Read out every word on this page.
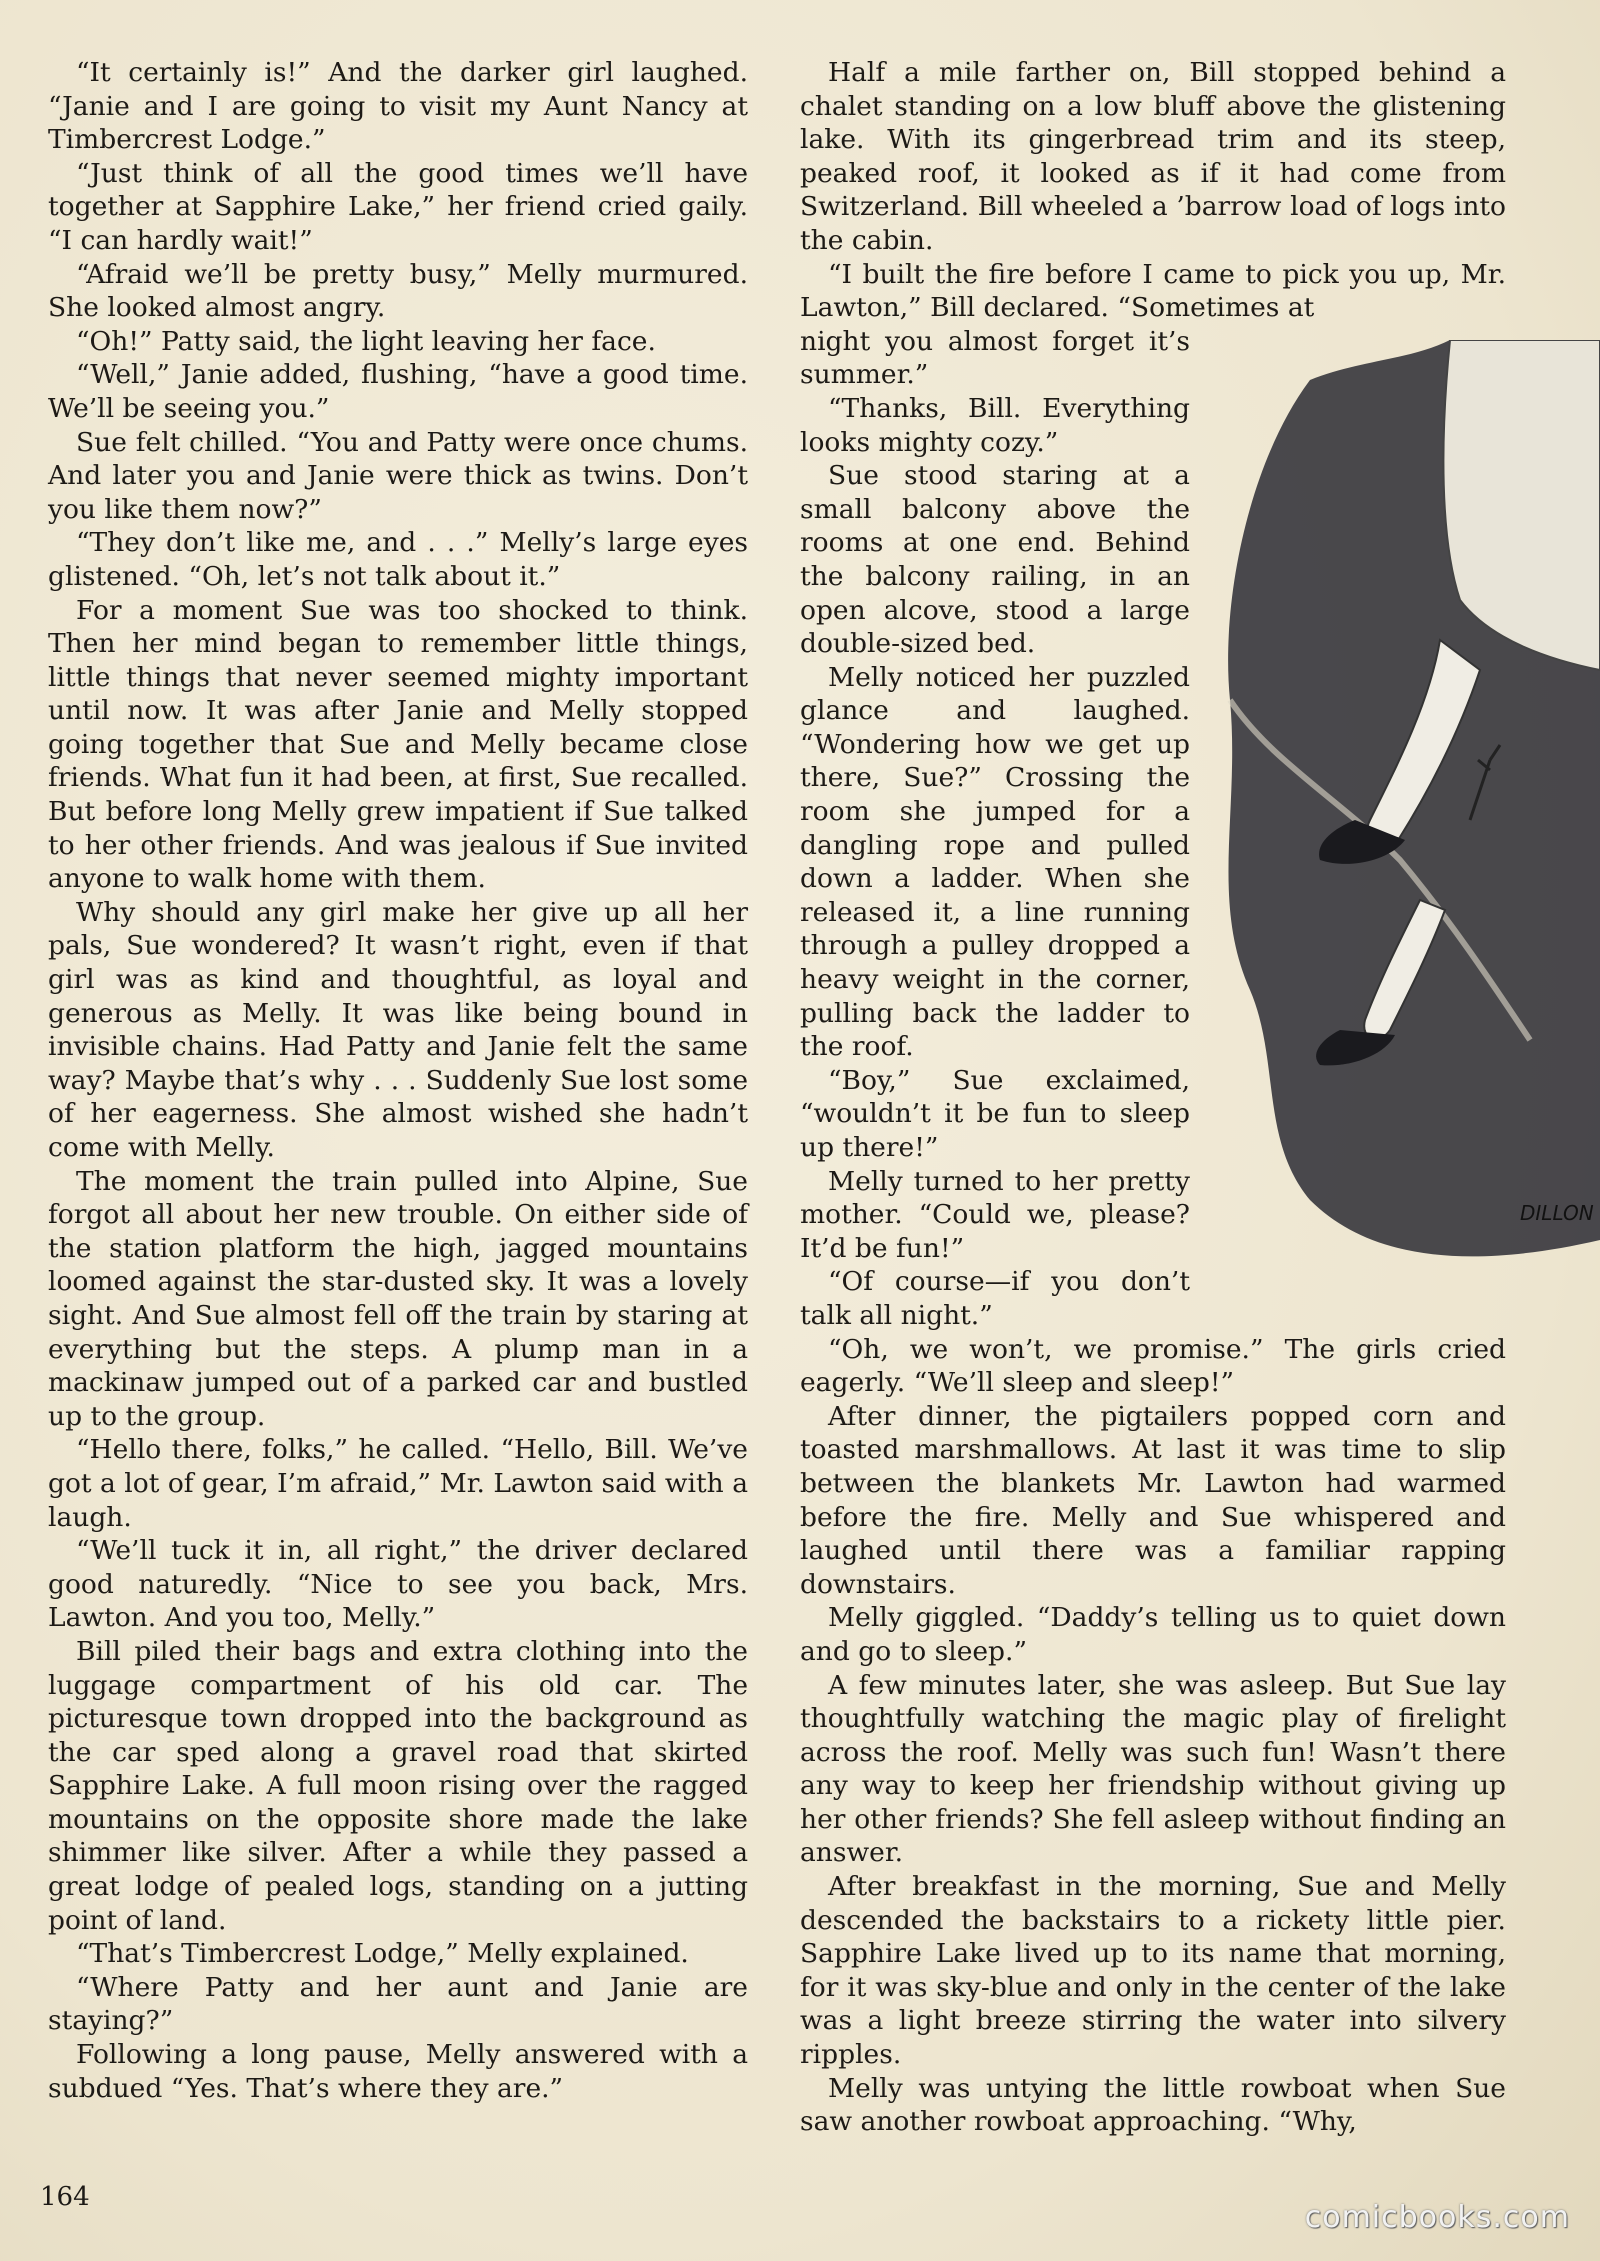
“It certainly is!” And the darker girl laughed. “Janie and I are going to visit my Aunt Nancy at Timbercrest Lodge.”

“Just think of all the good times we’ll have together at Sapphire Lake,” her friend cried gaily. “I can hardly wait!”

“Afraid we’ll be pretty busy,” Melly murmured. She looked almost angry.

“Oh!” Patty said, the light leaving her face.

“Well,” Janie added, flushing, “have a good time. We’ll be seeing you.”

Sue felt chilled. “You and Patty were once chums. And later you and Janie were thick as twins. Don’t you like them now?”

“They don’t like me, and . . .” Melly’s large eyes glistened. “Oh, let’s not talk about it.”

For a moment Sue was too shocked to think. Then her mind began to remember little things, little things that never seemed mighty important until now. It was after Janie and Melly stopped going together that Sue and Melly became close friends. What fun it had been, at first, Sue recalled. But before long Melly grew impatient if Sue talked to her other friends. And was jealous if Sue invited anyone to walk home with them.

Why should any girl make her give up all her pals, Sue wondered? It wasn’t right, even if that girl was as kind and thoughtful, as loyal and generous as Melly. It was like being bound in invisible chains. Had Patty and Janie felt the same way? Maybe that’s why . . . Suddenly Sue lost some of her eagerness. She almost wished she hadn’t come with Melly.

The moment the train pulled into Alpine, Sue forgot all about her new trouble. On either side of the station platform the high, jagged mountains loomed against the star-dusted sky. It was a lovely sight. And Sue almost fell off the train by staring at everything but the steps. A plump man in a mackinaw jumped out of a parked car and bustled up to the group.

“Hello there, folks,” he called. “Hello, Bill. We’ve got a lot of gear, I’m afraid,” Mr. Lawton said with a laugh.

“We’ll tuck it in, all right,” the driver declared good naturedly. “Nice to see you back, Mrs. Lawton. And you too, Melly.”

Bill piled their bags and extra clothing into the luggage compartment of his old car. The picturesque town dropped into the background as the car sped along a gravel road that skirted Sapphire Lake. A full moon rising over the ragged mountains on the opposite shore made the lake shimmer like silver. After a while they passed a great lodge of pealed logs, standing on a jutting point of land.

“That’s Timbercrest Lodge,” Melly explained.

“Where Patty and her aunt and Janie are staying?”

Following a long pause, Melly answered with a subdued “Yes. That’s where they are.”

Half a mile farther on, Bill stopped behind a chalet standing on a low bluff above the glistening lake. With its gingerbread trim and its steep, peaked roof, it looked as if it had come from Switzerland. Bill wheeled a ’barrow load of logs into the cabin.

“I built the fire before I came to pick you up, Mr. Lawton,” Bill declared. “Sometimes at

night you almost forget it’s summer.”

“Thanks, Bill. Everything looks mighty cozy.”

Sue stood staring at a small balcony above the rooms at one end. Behind the balcony railing, in an open alcove, stood a large double-sized bed.

Melly noticed her puzzled glance and laughed. “Wondering how we get up there, Sue?” Crossing the room she jumped for a dangling rope and pulled down a ladder. When she released it, a line running through a pulley dropped a heavy weight in the corner, pulling back the ladder to the roof.

“Boy,” Sue exclaimed, “wouldn’t it be fun to sleep up there!”

Melly turned to her pretty mother. “Could we, please? It’d be fun!”

“Of course—if you don’t talk all night.”

“Oh, we won’t, we promise.” The girls cried eagerly. “We’ll sleep and sleep!”

After dinner, the pigtailers popped corn and toasted marshmallows. At last it was time to slip between the blankets Mr. Lawton had warmed before the fire. Melly and Sue whispered and laughed until there was a familiar rapping downstairs.

Melly giggled. “Daddy’s telling us to quiet down and go to sleep.”

A few minutes later, she was asleep. But Sue lay thoughtfully watching the magic play of firelight across the roof. Melly was such fun! Wasn’t there any way to keep her friendship without giving up her other friends? She fell asleep without finding an answer.

After breakfast in the morning, Sue and Melly descended the backstairs to a rickety little pier. Sapphire Lake lived up to its name that morning, for it was sky-blue and only in the center of the lake was a light breeze stirring the water into silvery ripples.

Melly was untying the little rowboat when Sue saw another rowboat approaching. “Why,

DILLON
164
comicbooks.com
